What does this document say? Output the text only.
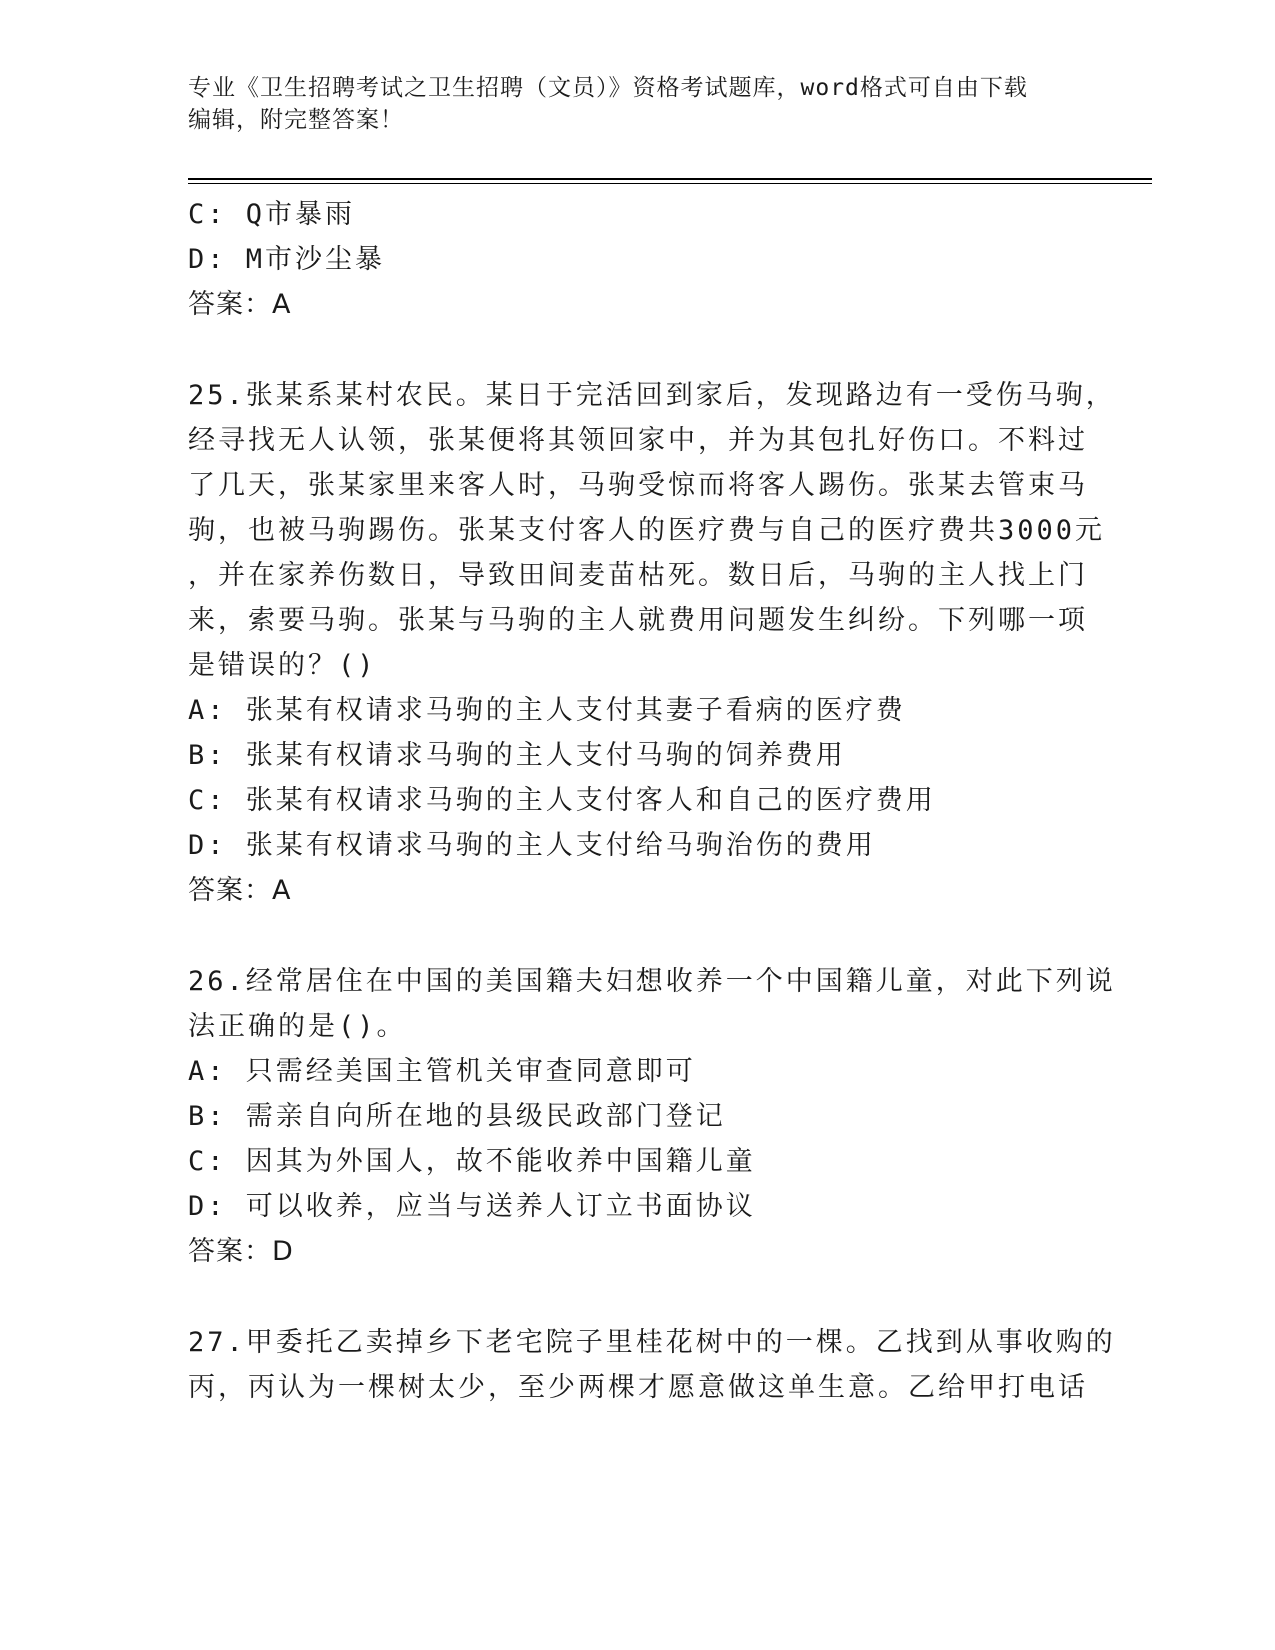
专业《卫生招聘考试之卫生招聘（文员）》资格考试题库，word格式可自由下载
编辑，附完整答案！
C: Q市暴雨
D: M市沙尘暴
答案：A
25.张某系某村农民。某日于完活回到家后，发现路边有一受伤马驹，
经寻找无人认领，张某便将其领回家中，并为其包扎好伤口。不料过
了几天，张某家里来客人时，马驹受惊而将客人踢伤。张某去管束马
驹，也被马驹踢伤。张某支付客人的医疗费与自己的医疗费共3000元
，并在家养伤数日，导致田间麦苗枯死。数日后，马驹的主人找上门
来，索要马驹。张某与马驹的主人就费用问题发生纠纷。下列哪一项
是错误的？()
A: 张某有权请求马驹的主人支付其妻子看病的医疗费
B: 张某有权请求马驹的主人支付马驹的饲养费用
C: 张某有权请求马驹的主人支付客人和自己的医疗费用
D: 张某有权请求马驹的主人支付给马驹治伤的费用
答案：A
26.经常居住在中国的美国籍夫妇想收养一个中国籍儿童，对此下列说
法正确的是()。
A: 只需经美国主管机关审查同意即可
B: 需亲自向所在地的县级民政部门登记
C: 因其为外国人，故不能收养中国籍儿童
D: 可以收养，应当与送养人订立书面协议
答案：D
27.甲委托乙卖掉乡下老宅院子里桂花树中的一棵。乙找到从事收购的
丙，丙认为一棵树太少，至少两棵才愿意做这单生意。乙给甲打电话
